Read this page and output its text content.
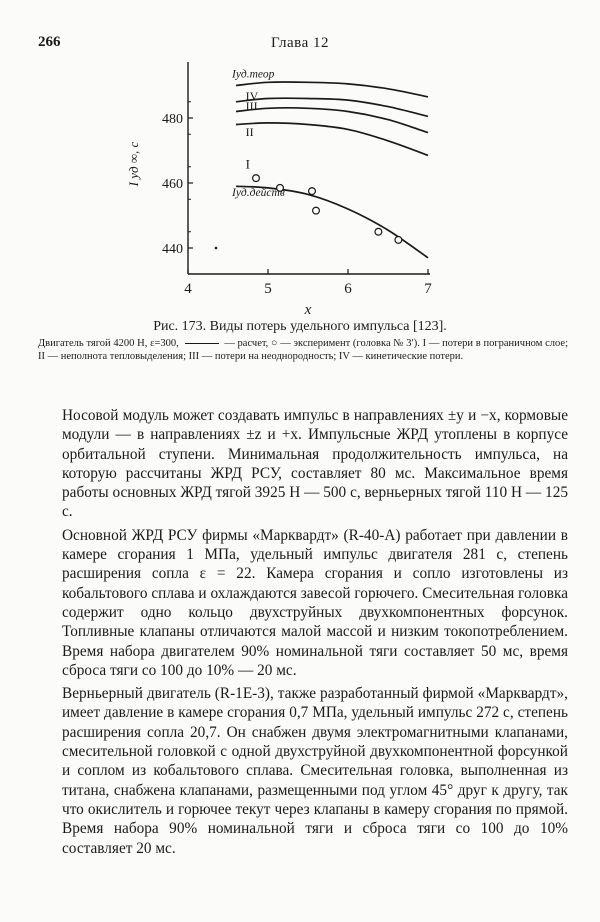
266	Глава 12
4	5	6	7
440
460
480
x
I уд ∞, с
Iуд.теор
IV
III
II
I
Iуд.действ
Рис. 173. Виды потерь удельного импульса [123].
Двигатель тягой 4200 Н, ε=300,	— расчет, ○ — эксперимент (головка № 3′). I — потери в пограничном слое; II — неполнота тепловыделения; III — потери на неоднородность; IV — кинетические потери.

Носовой модуль может создавать импульс в направлениях ±y и −x, кормовые модули — в направлениях ±z и +x. Импульсные ЖРД утоплены в корпусе орбитальной ступени. Минимальная продолжительность импульса, на которую рассчитаны ЖРД РСУ, составляет 80 мс. Максимальное время работы основных ЖРД тягой 3925 Н — 500 с, верньерных тягой 110 Н — 125 с.

Основной ЖРД РСУ фирмы «Марквардт» (R-40-A) работает при давлении в камере сгорания 1 МПа, удельный импульс двигателя 281 с, степень расширения сопла ε = 22. Камера сгорания и сопло изготовлены из кобальтового сплава и охлаждаются завесой горючего. Смесительная головка содержит одно кольцо двухструйных двухкомпонентных форсунок. Топливные клапаны отличаются малой массой и низким токопотреблением. Время набора двигателем 90% номинальной тяги составляет 50 мс, время сброса тяги со 100 до 10% — 20 мс.

Верньерный двигатель (R-1E-3), также разработанный фирмой «Марквардт», имеет давление в камере сгорания 0,7 МПа, удельный импульс 272 с, степень расширения сопла 20,7. Он снабжен двумя электромагнитными клапанами, смесительной головкой с одной двухструйной двухкомпонентной форсункой и соплом из кобальтового сплава. Смесительная головка, выполненная из титана, снабжена клапанами, размещенными под углом 45° друг к другу, так что окислитель и горючее текут через клапаны в камеру сгорания по прямой. Время набора 90% номинальной тяги и сброса тяги со 100 до 10% составляет 20 мс.
